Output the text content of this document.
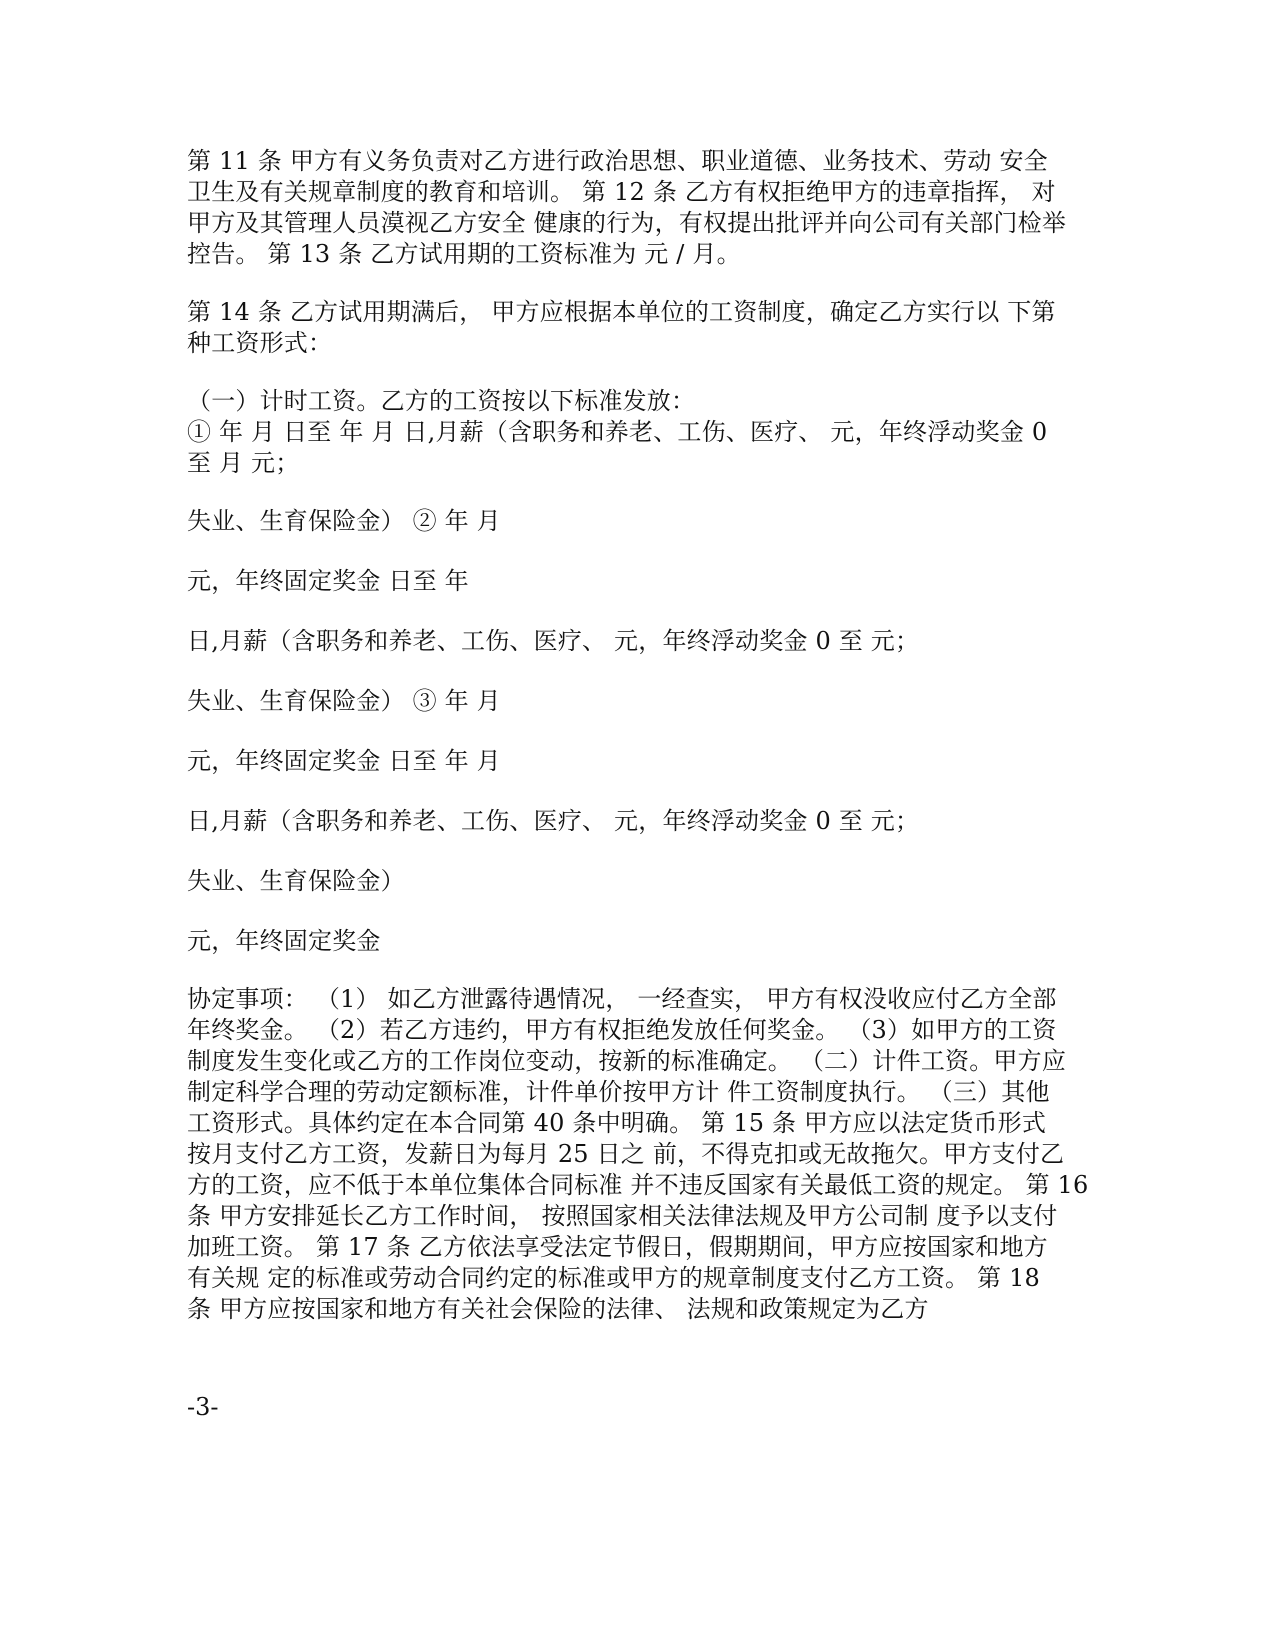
第 11 条 甲方有义务负责对乙方进行政治思想、职业道德、业务技术、劳动 安全
卫生及有关规章制度的教育和培训。 第 12 条 乙方有权拒绝甲方的违章指挥， 对
甲方及其管理人员漠视乙方安全 健康的行为，有权提出批评并向公司有关部门检举
控告。 第 13 条 乙方试用期的工资标准为 元 / 月。

第 14 条 乙方试用期满后， 甲方应根据本单位的工资制度，确定乙方实行以 下第
种工资形式：

（一）计时工资。乙方的工资按以下标准发放：

① 年 月 日至 年 月 日,月薪（含职务和养老、工伤、医疗、 元，年终浮动奖金 0
至 月 元；

失业、生育保险金） ② 年 月

元，年终固定奖金 日至 年

日,月薪（含职务和养老、工伤、医疗、 元，年终浮动奖金 0 至 元；

失业、生育保险金） ③ 年 月

元，年终固定奖金 日至 年 月

日,月薪（含职务和养老、工伤、医疗、 元，年终浮动奖金 0 至 元；

失业、生育保险金）

元，年终固定奖金

协定事项： （1） 如乙方泄露待遇情况， 一经查实， 甲方有权没收应付乙方全部
年终奖金。 （2）若乙方违约，甲方有权拒绝发放任何奖金。 （3）如甲方的工资
制度发生变化或乙方的工作岗位变动，按新的标准确定。 （二）计件工资。甲方应
制定科学合理的劳动定额标准，计件单价按甲方计 件工资制度执行。 （三）其他
工资形式。具体约定在本合同第 40 条中明确。 第 15 条 甲方应以法定货币形式
按月支付乙方工资，发薪日为每月 25 日之 前，不得克扣或无故拖欠。甲方支付乙
方的工资，应不低于本单位集体合同标准 并不违反国家有关最低工资的规定。 第 16
条 甲方安排延长乙方工作时间， 按照国家相关法律法规及甲方公司制 度予以支付
加班工资。 第 17 条 乙方依法享受法定节假日，假期期间，甲方应按国家和地方
有关规 定的标准或劳动合同约定的标准或甲方的规章制度支付乙方工资。 第 18
条 甲方应按国家和地方有关社会保险的法律、 法规和政策规定为乙方

-3-
